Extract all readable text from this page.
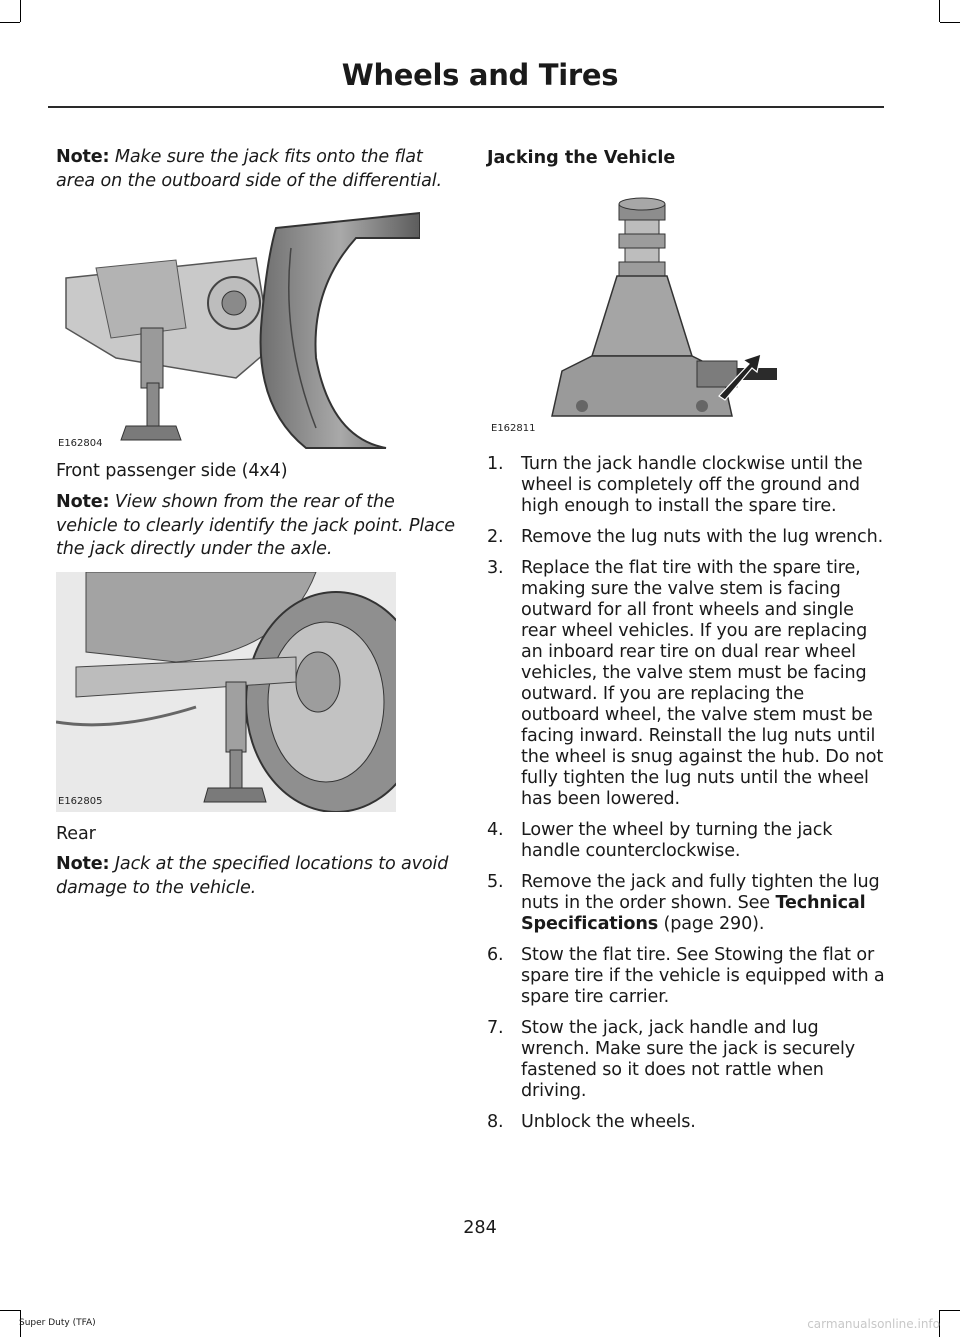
Wheels and Tires
Note: Make sure the jack fits onto the flat area on the outboard side of the differential.
E162804
Front passenger side (4x4)
Note: View shown from the rear of the vehicle to clearly identify the jack point. Place the jack directly under the axle.
E162805
Rear
Note: Jack at the specified locations to avoid damage to the vehicle.
Jacking the Vehicle
E162811
1. Turn the jack handle clockwise until the wheel is completely off the ground and high enough to install the spare tire.
2. Remove the lug nuts with the lug wrench.
3. Replace the flat tire with the spare tire, making sure the valve stem is facing outward for all front wheels and single rear wheel vehicles. If you are replacing an inboard rear tire on dual rear wheel vehicles, the valve stem must be facing outward. If you are replacing the outboard wheel, the valve stem must be facing inward. Reinstall the lug nuts until the wheel is snug against the hub. Do not fully tighten the lug nuts until the wheel has been lowered.
4. Lower the wheel by turning the jack handle counterclockwise.
5. Remove the jack and fully tighten the lug nuts in the order shown. See Technical Specifications (page 290).
6. Stow the flat tire. See Stowing the flat or spare tire if the vehicle is equipped with a spare tire carrier.
7. Stow the jack, jack handle and lug wrench. Make sure the jack is securely fastened so it does not rattle when driving.
8. Unblock the wheels.
284
Super Duty (TFA)	carmanualsonline.info
